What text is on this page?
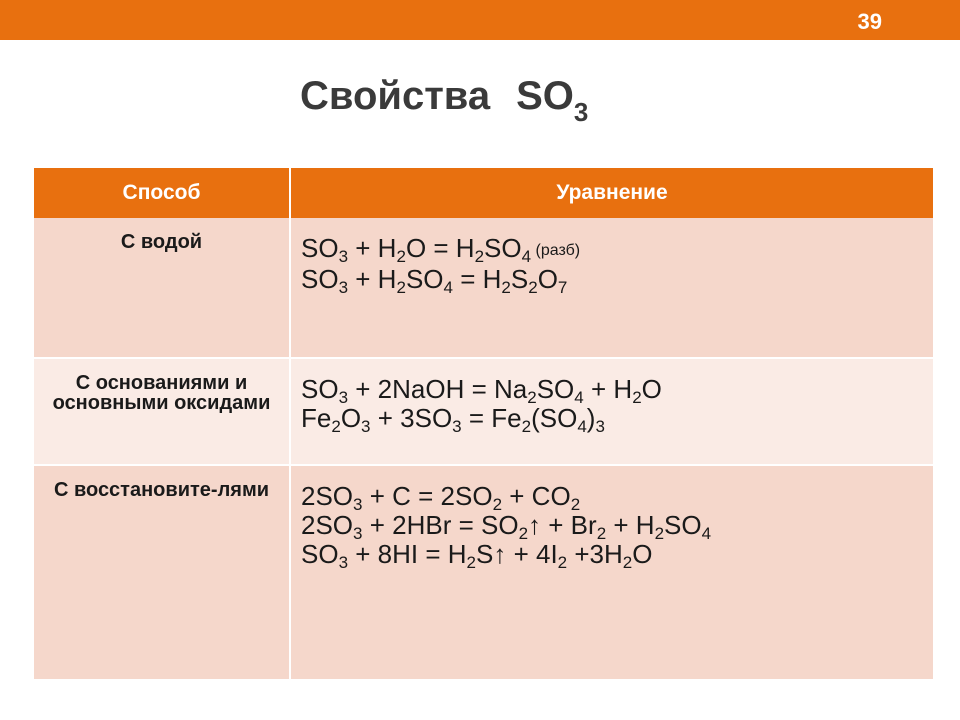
39
Свойства $SO_3$
Способ	Уравнение
С водой	$SO_3 + H_2O = H_2SO_4$ (разб)
$SO_3 + H_2SO_4 = H_2S_2O_7$

С основаниями и основными оксидами	$SO_3$ + 2NaOH = $Na_2SO_4 + H_2O$
$Fe_2O_3 + 3SO_3 = Fe_2(SO_4)_3$

С восстановите-лями	$2SO_3 + C = 2SO_2 + CO_2$
$2SO_3 + 2HBr$ = $SO_2↑ + Br_2 + H_2SO_4$
$SO_3 + 8HI$ = $H_2S↑ + 4I_2 +3H_2O$
